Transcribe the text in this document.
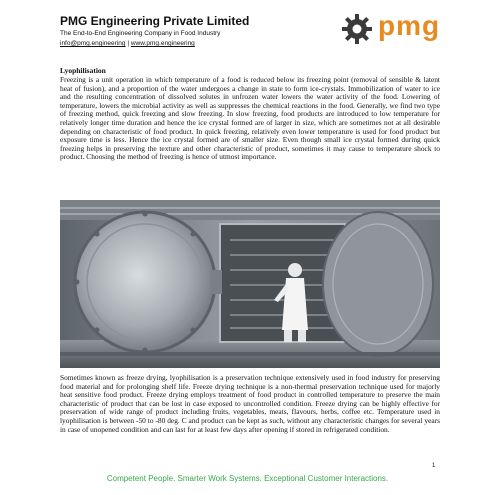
PMG Engineering Private Limited
The End-to-End Engineering Company in Food Industry
info@pmg.engineering | www.pmg.engineering
pmg
Lyophilisation

Freezing is a unit operation in which temperature of a food is reduced below its freezing point (removal of sensible & latent heat of fusion), and a proportion of the water undergoes a change in state to form ice-crystals. Immobilization of water to ice and the resulting concentration of dissolved solutes in unfrozen water lowers the water activity of the food. Lowering of temperature, lowers the microbial activity as well as suppresses the chemical reactions in the food. Generally, we find two type of freezing method, quick freezing and slow freezing. In slow freezing, food products are introduced to low temperature for relatively longer time duration and hence the ice crystal formed are of larger in size, which are sometimes not at all desirable depending on characteristic of food product. In quick freezing, relatively even lower temperature is used for food product but exposure time is less. Hence the ice crystal formed are of smaller size. Even though small ice crystal formed during quick freezing helps in preserving the texture and other characteristic of product, sometimes it may cause to temperature shock to product. Choosing the method of freezing is hence of utmost importance.

Sometimes known as freeze drying, lyophilisation is a preservation technique extensively used in food industry for preserving food material and for prolonging shelf life. Freeze drying technique is a non-thermal preservation technique used for majorly heat sensitive food product. Freeze drying employs treatment of food product in controlled temperature to preserve the main characteristic of product that can be lost in case exposed to uncontrolled condition. Freeze drying can be highly effective for preservation of wide range of product including fruits, vegetables, meats, flavours, herbs, coffee etc. Temperature used in lyophilisation is between -50 to -80 deg. C and product can be kept as such, without any characteristic changes for several years in case of unopened condition and can last for at least few days after opening if stored in refrigerated condition.

1
Competent People. Smarter Work Systems. Exceptional Customer Interactions.
